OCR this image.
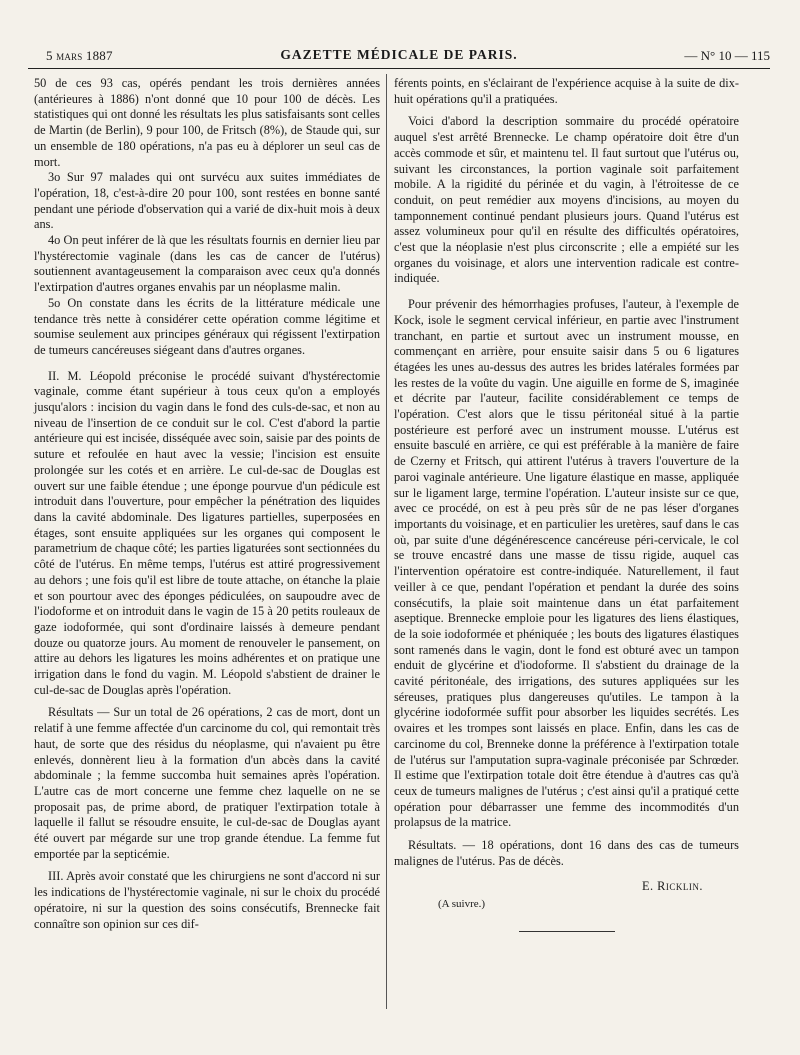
5 mars 1887	GAZETTE MÉDICALE DE PARIS.	— N° 10 — 115

50 de ces 93 cas, opérés pendant les trois dernières années (antérieures à 1886) n'ont donné que 10 pour 100 de décès. Les statistiques qui ont donné les résultats les plus satisfaisants sont celles de Martin (de Berlin), 9 pour 100, de Fritsch (8%), de Staude qui, sur un ensemble de 180 opérations, n'a pas eu à déplorer un seul cas de mort.

3o Sur 97 malades qui ont survécu aux suites immédiates de l'opération, 18, c'est-à-dire 20 pour 100, sont restées en bonne santé pendant une période d'observation qui a varié de dix-huit mois à deux ans.

4o On peut inférer de là que les résultats fournis en dernier lieu par l'hystérectomie vaginale (dans les cas de cancer de l'utérus) soutiennent avantageusement la comparaison avec ceux qu'a donnés l'extirpation d'autres organes envahis par un néoplasme malin.

5o On constate dans les écrits de la littérature médicale une tendance très nette à considérer cette opération comme légitime et soumise seulement aux principes généraux qui régissent l'extirpation de tumeurs cancéreuses siégeant dans d'autres organes.

II. M. Léopold préconise le procédé suivant d'hystérectomie vaginale, comme étant supérieur à tous ceux qu'on a employés jusqu'alors : incision du vagin dans le fond des culs-de-sac, et non au niveau de l'insertion de ce conduit sur le col. C'est d'abord la partie antérieure qui est incisée, disséquée avec soin, saisie par des points de suture et refoulée en haut avec la vessie; l'incision est ensuite prolongée sur les cotés et en arrière. Le cul-de-sac de Douglas est ouvert sur une faible étendue ; une éponge pourvue d'un pédicule est introduit dans l'ouverture, pour empêcher la pénétration des liquides dans la cavité abdominale. Des ligatures partielles, superposées en étages, sont ensuite appliquées sur les organes qui composent le parametrium de chaque côté; les parties ligaturées sont sectionnées du côté de l'utérus. En même temps, l'utérus est attiré progressivement au dehors ; une fois qu'il est libre de toute attache, on étanche la plaie et son pourtour avec des éponges pédiculées, on saupoudre avec de l'iodoforme et on introduit dans le vagin de 15 à 20 petits rouleaux de gaze iodoformée, qui sont d'ordinaire laissés à demeure pendant douze ou quatorze jours. Au moment de renouveler le pansement, on attire au dehors les ligatures les moins adhérentes et on pratique une irrigation dans le fond du vagin. M. Léopold s'abstient de drainer le cul-de-sac de Douglas après l'opération.

Résultats — Sur un total de 26 opérations, 2 cas de mort, dont un relatif à une femme affectée d'un carcinome du col, qui remontait très haut, de sorte que des résidus du néoplasme, qui n'avaient pu être enlevés, donnèrent lieu à la formation d'un abcès dans la cavité abdominale ; la femme succomba huit semaines après l'opération. L'autre cas de mort concerne une femme chez laquelle on ne se proposait pas, de prime abord, de pratiquer l'extirpation totale à laquelle il fallut se résoudre ensuite, le cul-de-sac de Douglas ayant été ouvert par mégarde sur une trop grande étendue. La femme fut emportée par la septicémie.

III. Après avoir constaté que les chirurgiens ne sont d'accord ni sur les indications de l'hystérectomie vaginale, ni sur le choix du procédé opératoire, ni sur la question des soins consécutifs, Brennecke fait connaître son opinion sur ces dif-

férents points, en s'éclairant de l'expérience acquise à la suite de dix-huit opérations qu'il a pratiquées.

Voici d'abord la description sommaire du procédé opératoire auquel s'est arrêté Brennecke. Le champ opératoire doit être d'un accès commode et sûr, et maintenu tel. Il faut surtout que l'utérus ou, suivant les circonstances, la portion vaginale soit parfaitement mobile. A la rigidité du périnée et du vagin, à l'étroitesse de ce conduit, on peut remédier aux moyens d'incisions, au moyen du tamponnement continué pendant plusieurs jours. Quand l'utérus est assez volumineux pour qu'il en résulte des difficultés opératoires, c'est que la néoplasie n'est plus circonscrite ; elle a empiété sur les organes du voisinage, et alors une intervention radicale est contre-indiquée.

Pour prévenir des hémorrhagies profuses, l'auteur, à l'exemple de Kock, isole le segment cervical inférieur, en partie avec l'instrument tranchant, en partie et surtout avec un instrument mousse, en commençant en arrière, pour ensuite saisir dans 5 ou 6 ligatures étagées les unes au-dessus des autres les brides latérales formées par les restes de la voûte du vagin. Une aiguille en forme de S, imaginée et décrite par l'auteur, facilite considérablement ce temps de l'opération. C'est alors que le tissu péritonéal situé à la partie postérieure est perforé avec un instrument mousse. L'utérus est ensuite basculé en arrière, ce qui est préférable à la manière de faire de Czerny et Fritsch, qui attirent l'utérus à travers l'ouverture de la paroi vaginale antérieure. Une ligature élastique en masse, appliquée sur le ligament large, termine l'opération. L'auteur insiste sur ce que, avec ce procédé, on est à peu près sûr de ne pas léser d'organes importants du voisinage, et en particulier les uretères, sauf dans le cas où, par suite d'une dégénérescence cancéreuse péri-cervicale, le col se trouve encastré dans une masse de tissu rigide, auquel cas l'intervention opératoire est contre-indiquée. Naturellement, il faut veiller à ce que, pendant l'opération et pendant la durée des soins consécutifs, la plaie soit maintenue dans un état parfaitement aseptique. Brennecke emploie pour les ligatures des liens élastiques, de la soie iodoformée et phéniquée ; les bouts des ligatures élastiques sont ramenés dans le vagin, dont le fond est obturé avec un tampon enduit de glycérine et d'iodoforme. Il s'abstient du drainage de la cavité péritonéale, des irrigations, des sutures appliquées sur les séreuses, pratiques plus dangereuses qu'utiles. Le tampon à la glycérine iodoformée suffit pour absorber les liquides secrétés. Les ovaires et les trompes sont laissés en place. Enfin, dans les cas de carcinome du col, Brenneke donne la préférence à l'extirpation totale de l'utérus sur l'amputation supra-vaginale préconisée par Schrœder. Il estime que l'extirpation totale doit être étendue à d'autres cas qu'à ceux de tumeurs malignes de l'utérus ; c'est ainsi qu'il a pratiqué cette opération pour débarrasser une femme des incommodités d'un prolapsus de la matrice.

Résultats. — 18 opérations, dont 16 dans des cas de tumeurs malignes de l'utérus. Pas de décès.

E. Ricklin.
(A suivre.)
